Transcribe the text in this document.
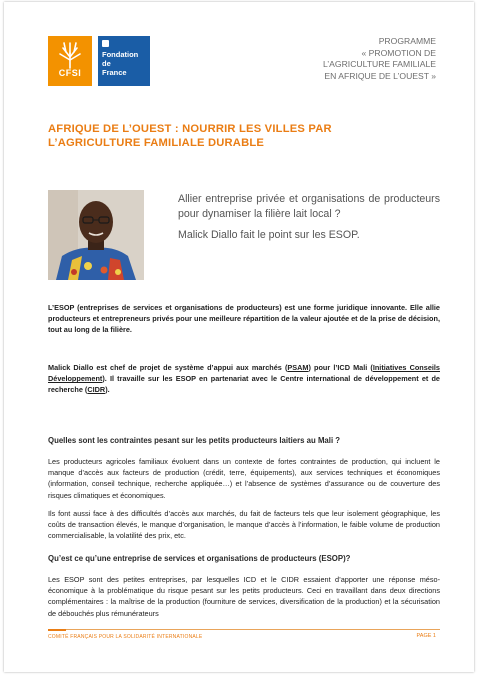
CFSI
Fondation
de
France
PROGRAMME
« PROMOTION DE
L’AGRICULTURE FAMILIALE
EN AFRIQUE DE L’OUEST »
AFRIQUE DE L’OUEST : NOURRIR LES VILLES PAR
L’AGRICULTURE FAMILIALE DURABLE

Allier entreprise privée et organisations de producteurs pour dynamiser la filière lait local ?

Malick Diallo fait le point sur les ESOP.

L’ESOP (entreprises de services et organisations de producteurs) est une forme juridique innovante. Elle allie producteurs et entrepreneurs privés pour une meilleure répartition de la valeur ajoutée et de la prise de décision, tout au long de la filière.

Malick Diallo est chef de projet de système d’appui aux marchés (PSAM) pour l’ICD Mali (Initiatives Conseils Développement). Il travaille sur les ESOP en partenariat avec le Centre international de développement et de recherche (CIDR).

Quelles sont les contraintes pesant sur les petits producteurs laitiers au Mali ?

Les producteurs agricoles familiaux évoluent dans un contexte de fortes contraintes de production, qui incluent le manque d’accès aux facteurs de production (crédit, terre, équipements), aux services techniques et économiques (information, conseil technique, recherche appliquée…) et l’absence de systèmes d’assurance ou de couverture des risques climatiques et économiques.

Ils font aussi face à des difficultés d’accès aux marchés, du fait de facteurs tels que leur isolement géographique, les coûts de transaction élevés, le manque d’organisation, le manque d’accès à l’information, le faible volume de production commercialisable, la volatilité des prix, etc.

Qu’est ce qu’une entreprise de services et organisations de producteurs (ESOP)?

Les ESOP sont des petites entreprises, par lesquelles ICD et le CIDR essaient d’apporter une réponse méso-économique à la problématique du risque pesant sur les petits producteurs. Ceci en travaillant dans deux directions complémentaires : la maîtrise de la production (fourniture de services, diversification de la production) et la sécurisation de débouchés plus rémunérateurs

COMITÉ FRANÇAIS POUR LA SOLIDARITÉ INTERNATIONALE	PAGE 1
